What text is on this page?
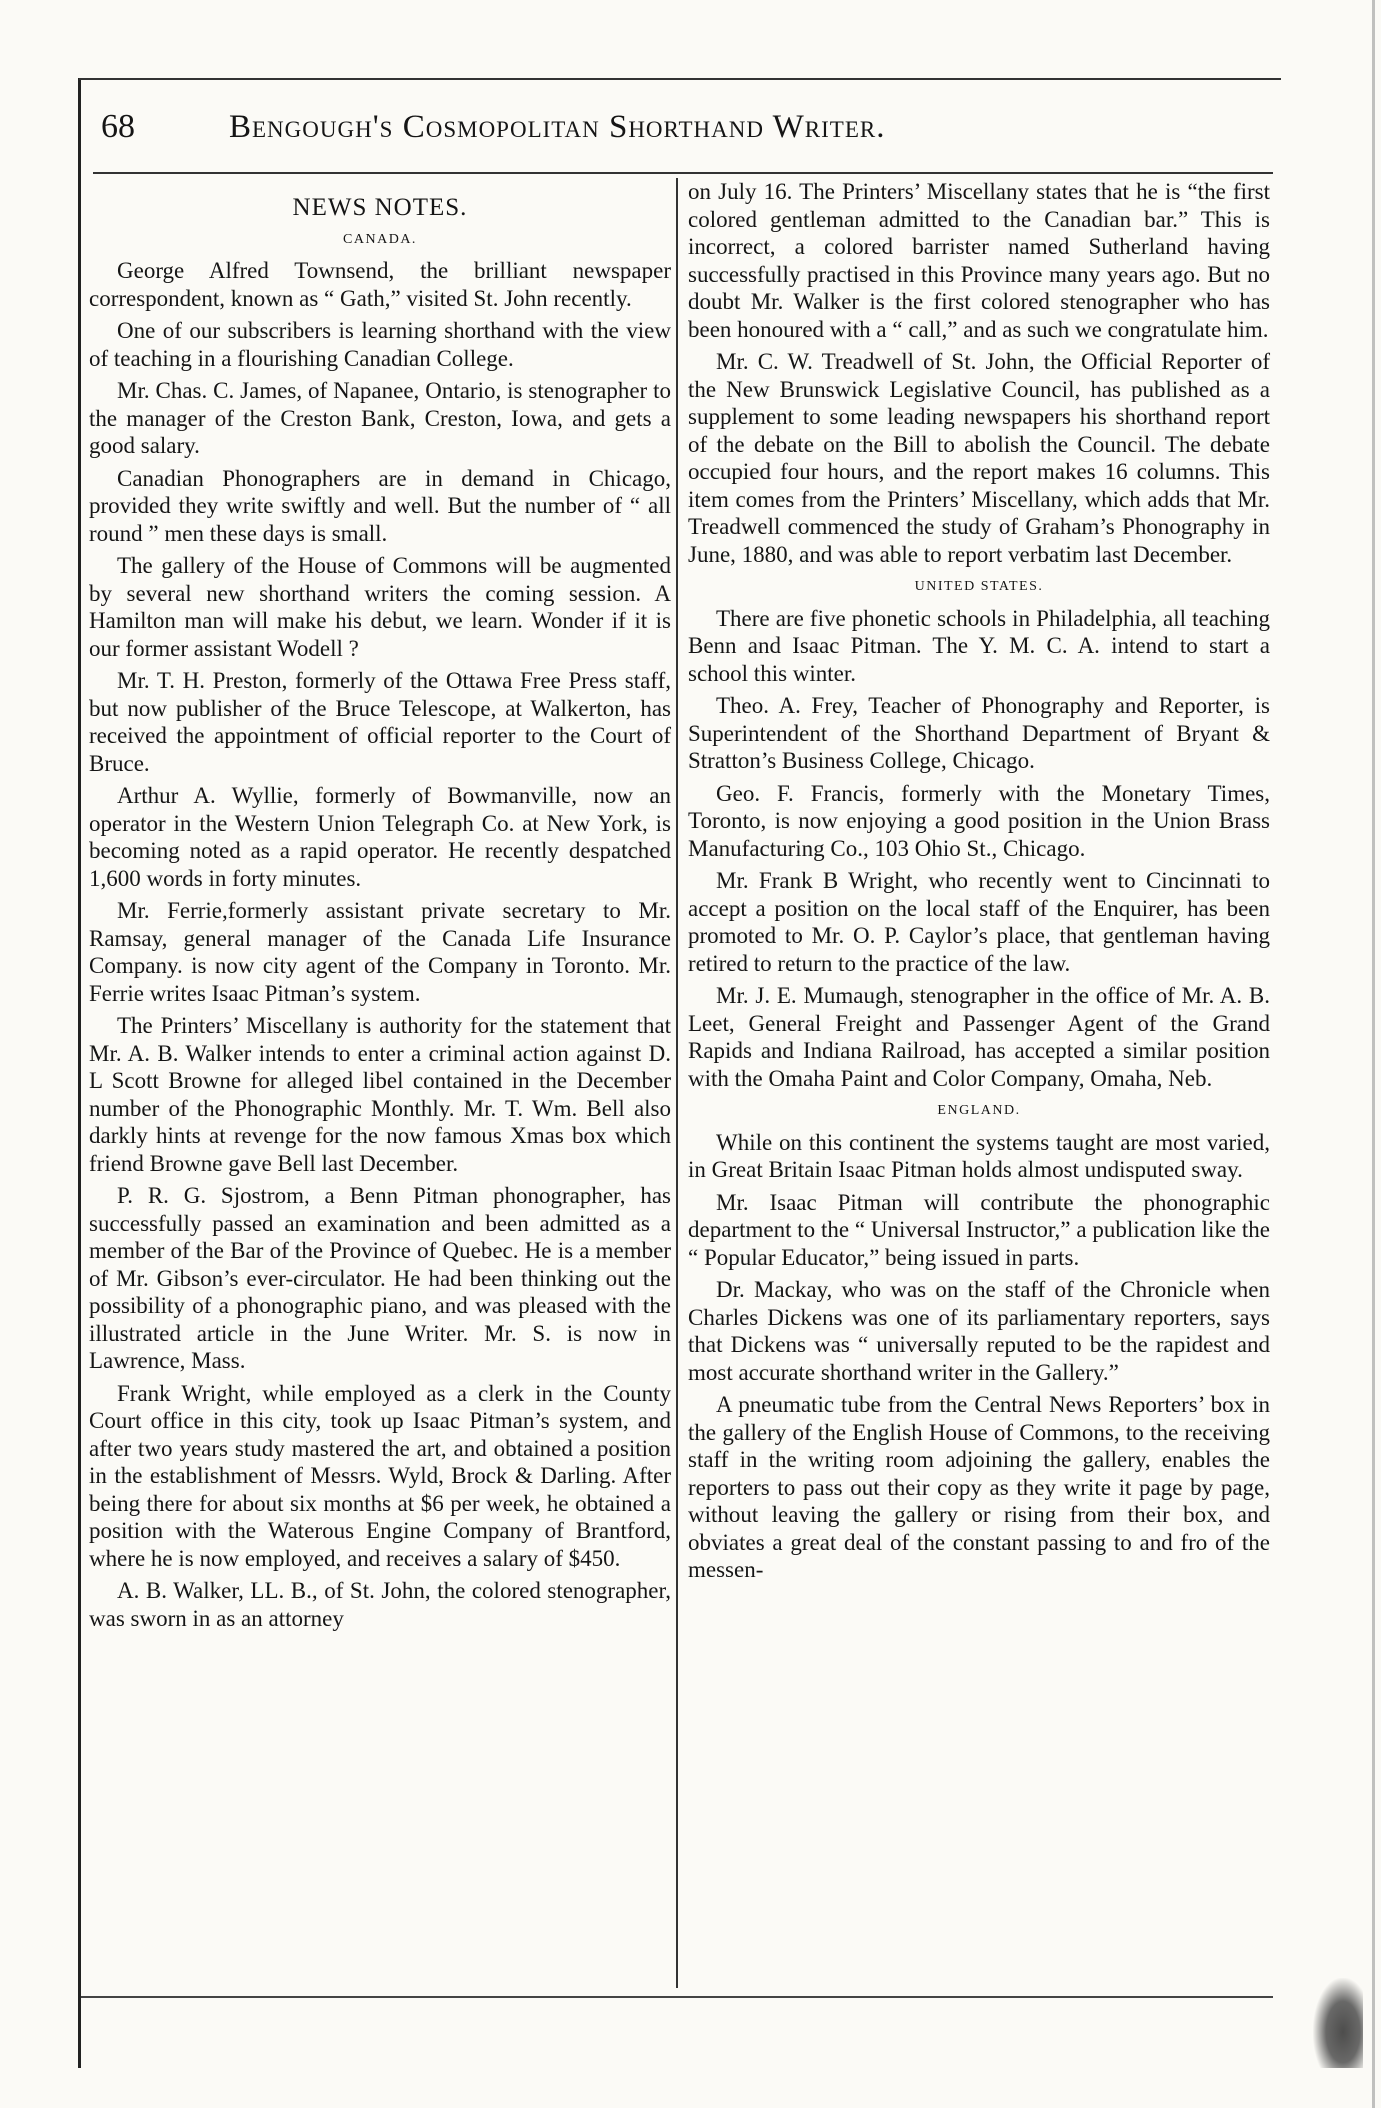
68	Bengough's Cosmopolitan Shorthand Writer.
NEWS NOTES.
CANADA.

George Alfred Townsend, the brilliant newspaper correspondent, known as “ Gath,” visited St. John recently.

One of our subscribers is learning shorthand with the view of teaching in a flourishing Canadian College.

Mr. Chas. C. James, of Napanee, Ontario, is stenographer to the manager of the Creston Bank, Creston, Iowa, and gets a good salary.

Canadian Phonographers are in demand in Chicago, provided they write swiftly and well. But the number of “ all round ” men these days is small.

The gallery of the House of Commons will be augmented by several new shorthand writers the coming session. A Hamilton man will make his debut, we learn. Wonder if it is our former assistant Wodell ?

Mr. T. H. Preston, formerly of the Ottawa Free Press staff, but now publisher of the Bruce Telescope, at Walkerton, has received the appointment of official reporter to the Court of Bruce.

Arthur A. Wyllie, formerly of Bowmanville, now an operator in the Western Union Telegraph Co. at New York, is becoming noted as a rapid operator. He recently despatched 1,600 words in forty minutes.

Mr. Ferrie,formerly assistant private secretary to Mr. Ramsay, general manager of the Canada Life Insurance Company. is now city agent of the Company in Toronto. Mr. Ferrie writes Isaac Pitman’s system.

The Printers’ Miscellany is authority for the statement that Mr. A. B. Walker intends to enter a criminal action against D. L Scott Browne for alleged libel contained in the December number of the Phonographic Monthly. Mr. T. Wm. Bell also darkly hints at revenge for the now famous Xmas box which friend Browne gave Bell last December.

P. R. G. Sjostrom, a Benn Pitman phonographer, has successfully passed an examination and been admitted as a member of the Bar of the Province of Quebec. He is a member of Mr. Gibson’s ever-circulator. He had been thinking out the possibility of a phonographic piano, and was pleased with the illustrated article in the June Writer. Mr. S. is now in Lawrence, Mass.

Frank Wright, while employed as a clerk in the County Court office in this city, took up Isaac Pitman’s system, and after two years study mastered the art, and obtained a position in the establishment of Messrs. Wyld, Brock & Darling. After being there for about six months at $6 per week, he obtained a position with the Waterous Engine Company of Brantford, where he is now employed, and receives a salary of $450.

A. B. Walker, LL. B., of St. John, the colored stenographer, was sworn in as an attorney

on July 16. The Printers’ Miscellany states that he is “the first colored gentleman admitted to the Canadian bar.” This is incorrect, a colored barrister named Sutherland having successfully practised in this Province many years ago. But no doubt Mr. Walker is the first colored stenographer who has been honoured with a “ call,” and as such we congratulate him.

Mr. C. W. Treadwell of St. John, the Official Reporter of the New Brunswick Legislative Council, has published as a supplement to some leading newspapers his shorthand report of the debate on the Bill to abolish the Council. The debate occupied four hours, and the report makes 16 columns. This item comes from the Printers’ Miscellany, which adds that Mr. Treadwell commenced the study of Graham’s Phonography in June, 1880, and was able to report verbatim last December.

UNITED STATES.

There are five phonetic schools in Philadelphia, all teaching Benn and Isaac Pitman. The Y. M. C. A. intend to start a school this winter.

Theo. A. Frey, Teacher of Phonography and Reporter, is Superintendent of the Shorthand Department of Bryant & Stratton’s Business College, Chicago.

Geo. F. Francis, formerly with the Monetary Times, Toronto, is now enjoying a good position in the Union Brass Manufacturing Co., 103 Ohio St., Chicago.

Mr. Frank B Wright, who recently went to Cincinnati to accept a position on the local staff of the Enquirer, has been promoted to Mr. O. P. Caylor’s place, that gentleman having retired to return to the practice of the law.

Mr. J. E. Mumaugh, stenographer in the office of Mr. A. B. Leet, General Freight and Passenger Agent of the Grand Rapids and Indiana Railroad, has accepted a similar position with the Omaha Paint and Color Company, Omaha, Neb.

ENGLAND.

While on this continent the systems taught are most varied, in Great Britain Isaac Pitman holds almost undisputed sway.

Mr. Isaac Pitman will contribute the phonographic department to the “ Universal Instructor,” a publication like the “ Popular Educator,” being issued in parts.

Dr. Mackay, who was on the staff of the Chronicle when Charles Dickens was one of its parliamentary reporters, says that Dickens was “ universally reputed to be the rapidest and most accurate shorthand writer in the Gallery.”

A pneumatic tube from the Central News Reporters’ box in the gallery of the English House of Commons, to the receiving staff in the writing room adjoining the gallery, enables the reporters to pass out their copy as they write it page by page, without leaving the gallery or rising from their box, and obviates a great deal of the constant passing to and fro of the messen-
